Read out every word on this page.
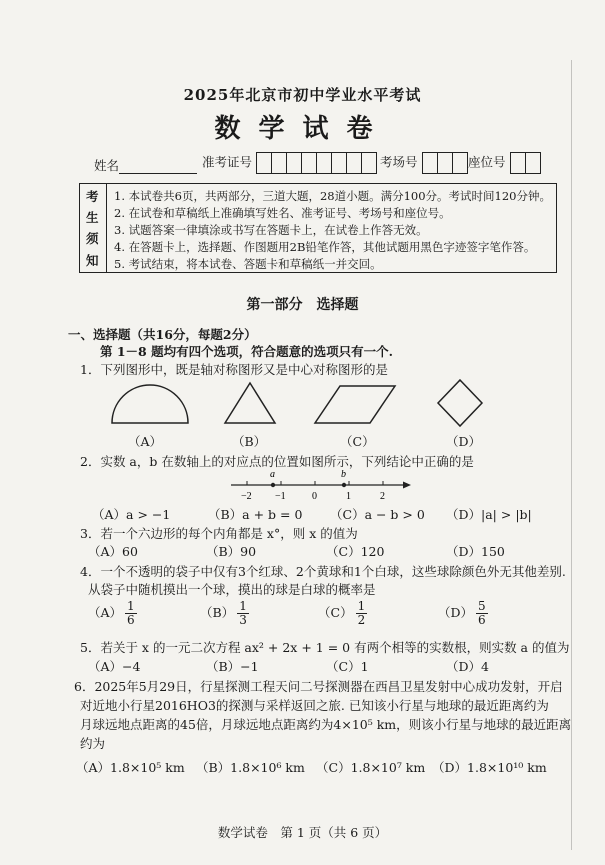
2025年北京市初中学业水平考试
数学试卷
姓名	准考证号	考场号	座位号
考
生
须
知
1. 本试卷共6页，共两部分，三道大题，28道小题。满分100分。考试时间120分钟。
2. 在试卷和草稿纸上准确填写姓名、准考证号、考场号和座位号。
3. 试题答案一律填涂或书写在答题卡上，在试卷上作答无效。
4. 在答题卡上，选择题、作图题用2B铅笔作答，其他试题用黑色字迹签字笔作答。
5. 考试结束，将本试卷、答题卡和草稿纸一并交回。
第一部分　选择题
一、选择题（共16分，每题2分）
第 1－8 题均有四个选项，符合题意的选项只有一个.
1．下列图形中，既是轴对称图形又是中心对称图形的是
（A）	（B）	（C）	（D）
2．实数 a，b 在数轴上的对应点的位置如图所示，下列结论中正确的是
a	b
−2 −1	0	1	2
（A）a > −1	（B）a + b = 0 （C）a − b > 0 （D）|a| > |b|
3．若一个六边形的每个内角都是 x°，则 x 的值为
（A）60	（B）90	（C）120	（D）150
4．一个不透明的袋子中仅有3个红球、2个黄球和1个白球，这些球除颜色外无其他差别.
从袋子中随机摸出一个球，摸出的球是白球的概率是
$(A) \frac{1}{6}$	$(B) \frac{1}{3}$	$(C) \frac{1}{2}$	$(D) \frac{5}{6}$
5．若关于 x 的一元二次方程 ax² + 2x + 1 = 0 有两个相等的实数根，则实数 a 的值为
（A）−4	（B）−1	（C）1	（D）4
6．2025年5月29日，行星探测工程天问二号探测器在西昌卫星发射中心成功发射，开启
对近地小行星2016HO3的探测与采样返回之旅. 已知该小行星与地球的最近距离约为
月球远地点距离的45倍，月球远地点距离约为4×10⁵ km，则该小行星与地球的最近距离
约为
（A）1.8×10⁵ km （B）1.8×10⁶ km （C）1.8×10⁷ km （D）1.8×10¹⁰ km
数学试卷　第 1 页（共 6 页）
